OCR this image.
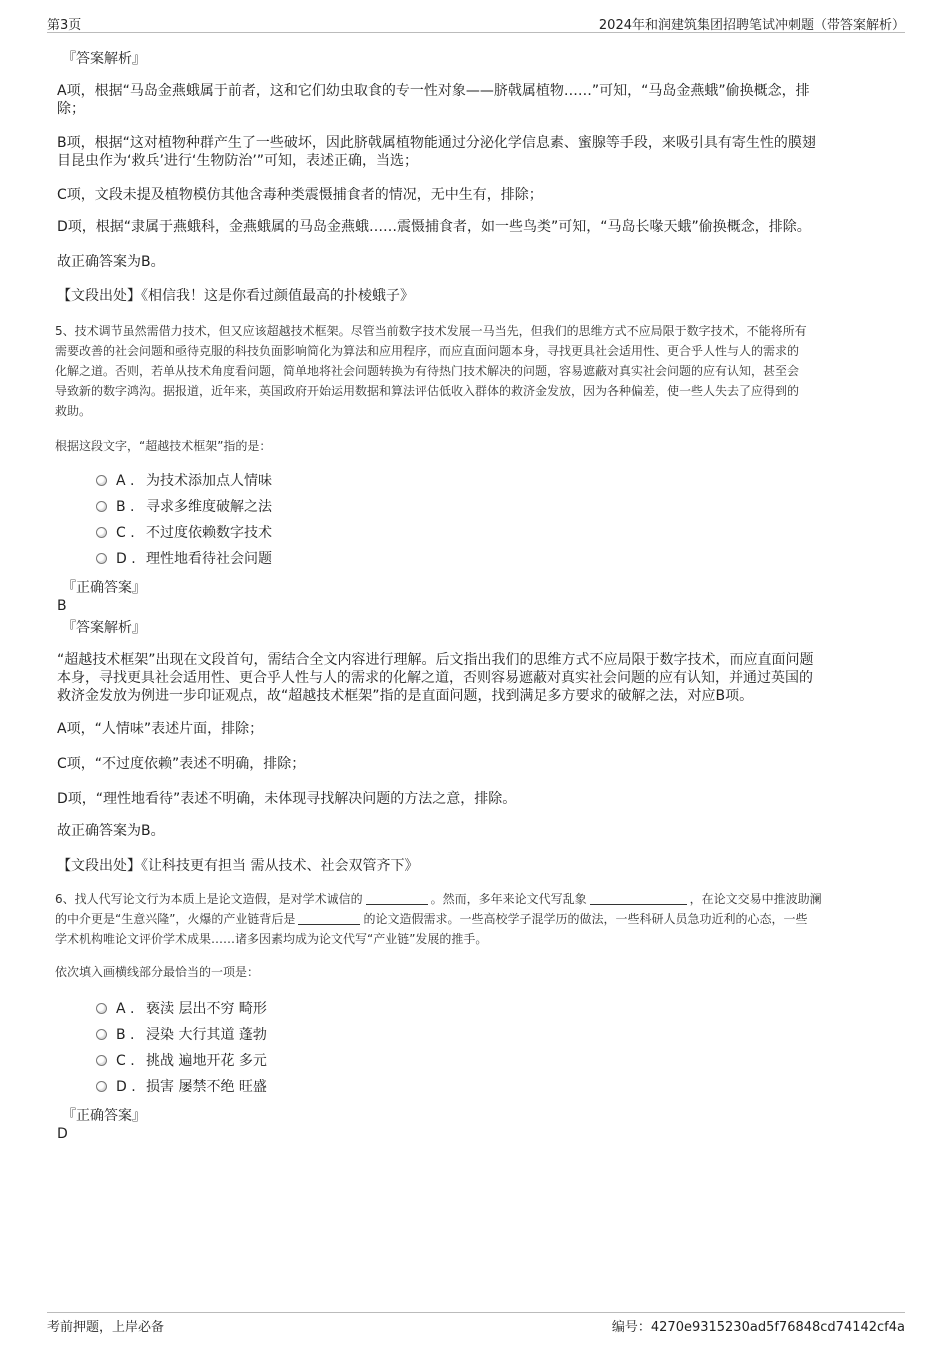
第3页	2024年和润建筑集团招聘笔试冲刺题（带答案解析）
『答案解析』
A项，根据“马岛金燕蛾属于前者，这和它们幼虫取食的专一性对象——脐戟属植物……”可知，“马岛金燕蛾”偷换概念，排
除；
B项，根据“这对植物种群产生了一些破坏，因此脐戟属植物能通过分泌化学信息素、蜜腺等手段，来吸引具有寄生性的膜翅
目昆虫作为‘救兵’进行‘生物防治’”可知，表述正确，当选；
C项，文段未提及植物模仿其他含毒种类震慑捕食者的情况，无中生有，排除；
D项，根据“隶属于燕蛾科，金燕蛾属的马岛金燕蛾……震慑捕食者，如一些鸟类”可知，“马岛长喙天蛾”偷换概念，排除。
故正确答案为B。
【文段出处】《相信我！这是你看过颜值最高的扑棱蛾子》
5、技术调节虽然需借力技术，但又应该超越技术框架。尽管当前数字技术发展一马当先，但我们的思维方式不应局限于数字技术，不能将所有
需要改善的社会问题和亟待克服的科技负面影响简化为算法和应用程序，而应直面问题本身，寻找更具社会适用性、更合乎人性与人的需求的
化解之道。否则，若单从技术角度看问题，简单地将社会问题转换为有待热门技术解决的问题，容易遮蔽对真实社会问题的应有认知，甚至会
导致新的数字鸿沟。据报道，近年来，英国政府开始运用数据和算法评估低收入群体的救济金发放，因为各种偏差，使一些人失去了应得到的
救助。
根据这段文字，“超越技术框架”指的是：
A . 为技术添加点人情味
B . 寻求多维度破解之法
C . 不过度依赖数字技术
D . 理性地看待社会问题
『正确答案』
B
『答案解析』
“超越技术框架”出现在文段首句，需结合全文内容进行理解。后文指出我们的思维方式不应局限于数字技术，而应直面问题
本身，寻找更具社会适用性、更合乎人性与人的需求的化解之道，否则容易遮蔽对真实社会问题的应有认知，并通过英国的
救济金发放为例进一步印证观点，故“超越技术框架”指的是直面问题，找到满足多方要求的破解之法，对应B项。
A项，“人情味”表述片面，排除；
C项，“不过度依赖”表述不明确，排除；
D项，“理性地看待”表述不明确，未体现寻找解决问题的方法之意，排除。
故正确答案为B。
【文段出处】《让科技更有担当 需从技术、社会双管齐下》
6、找人代写论文行为本质上是论文造假，是对学术诚信的	。然而，多年来论文代写乱象	，在论文交易中推波助澜
的中介更是“生意兴隆”，火爆的产业链背后是	的论文造假需求。一些高校学子混学历的做法，一些科研人员急功近利的心态，一些
学术机构唯论文评价学术成果……诸多因素均成为论文代写“产业链”发展的推手。
依次填入画横线部分最恰当的一项是：
A . 亵渎 层出不穷 畸形
B . 浸染 大行其道 蓬勃
C . 挑战 遍地开花 多元
D . 损害 屡禁不绝 旺盛
『正确答案』
D
考前押题，上岸必备	编号：4270e9315230ad5f76848cd74142cf4a
